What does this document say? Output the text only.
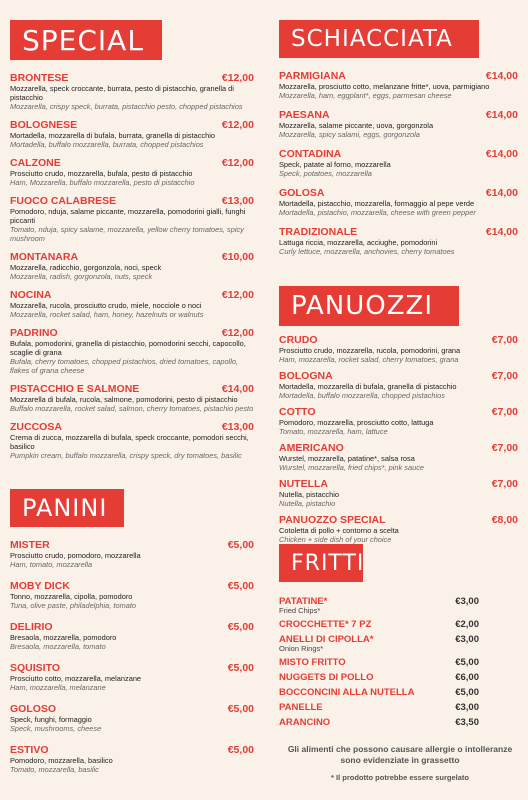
SPECIAL
BRONTESE	€12,00
Mozzarella, speck croccante, burrata, pesto di pistacchio, granella di pistacchio
Mozzarella, crispy speck, burrata, pistacchio pesto, chopped pistachios
BOLOGNESE	€12,00
Mortadella, mozzarella di bufala, burrata, granella di pistacchio
Mortadella, buffalo mozzarella, burrata, chopped pistachios
CALZONE	€12,00
Prosciutto crudo, mozzarella, bufala, pesto di pistacchio
Ham, Mozzarella, buffalo mozzarella, pesto di pistacchio
FUOCO CALABRESE	€13,00
Pomodoro, nduja, salame piccante, mozzarella, pomodorini gialli, funghi piccanti
Tomato, nduja, spicy salame, mozzarella, yellow cherry tomatoes, spicy mushroom
MONTANARA	€10,00
Mozzarella, radicchio, gorgonzola, noci, speck
Mozzarella, radish, gorgonzola, nuts, speck
NOCINA	€12,00
Mozzarella, rucola, prosciutto crudo, miele, nocciole o noci
Mozzarella, rocket salad, ham, honey, hazelnuts or walnuts
PADRINO	€12,00
Bufala, pomodorini, granella di pistacchio, pomodorini secchi, capocollo, scaglie di grana
Bufala, cherry tomatoes, chopped pistachios, dried tomatoes, capollo, flakes of grana cheese
PISTACCHIO E SALMONE	€14,00
Mozzarella di bufala, rucola, salmone, pomodorini, pesto di pistacchio
Buffalo mozzarella, rocket salad, salmon, cherry tomatoes, pistachio pesto
ZUCCOSA	€13,00
Crema di zucca, mozzarella di bufala, speck croccante, pomodori secchi, basilico
Pumpkin cream, buffalo mozzarella, crispy speck, dry tomatoes, basilic
PANINI
MISTER	€5,00
Prosciutto crudo, pomodoro, mozzarella
Ham, tomato, mozzarella
MOBY DICK	€5,00
Tonno, mozzarella, cipolla, pomodoro
Tuna, olive paste, philadelphia, tomato
DELIRIO	€5,00
Bresaola, mozzarella, pomodoro
Bresaola, mozzarella, tomato
SQUISITO	€5,00
Prosciutto cotto, mozzarella, melanzane
Ham, mozzarella, melanzane
GOLOSO	€5,00
Speck, funghi, formaggio
Speck, mushrooms, cheese
ESTIVO	€5,00
Pomodoro, mozzarella, basilico
Tomato, mozzarella, basilic
SCHIACCIATA
PARMIGIANA	€14,00
Mozzarella, prosciutto cotto, melanzane fritte*, uova, parmigiano
Mozzarella, ham, eggplant*, eggs, parmesan cheese
PAESANA	€14,00
Mozzarella, salame piccante, uova, gorgonzola
Mozzarella, spicy salami, eggs, gorgonzola
CONTADINA	€14,00
Speck, patate al forno, mozzarella
Speck, potatoes, mozzarella
GOLOSA	€14,00
Mortadella, pistacchio, mozzarella, formaggio al pepe verde
Mortadella, pistachio, mozzarella, cheese with green pepper
TRADIZIONALE	€14,00
Lattuga riccia, mozzarella, acciughe, pomodorini
Curly lettuce, mozzarella, anchovies, cherry tomatoes
PANUOZZI
CRUDO	€7,00
Prosciutto crudo, mozzarella, rucola, pomodorini, grana
Ham, mozzarella, rocket salad, cherry tomatoes, grana
BOLOGNA	€7,00
Mortadella, mozzarella di bufala, granella di pistacchio
Mortadella, buffalo mozzarella, chopped pistachios
COTTO	€7,00
Pomodoro, mozzarella, prosciutto cotto, lattuga
Tomato, mozzarella, ham, lattuce
AMERICANO	€7,00
Wurstel, mozzarella, patatine*, salsa rosa
Wurstel, mozzarella, fried chips*, pink sauce
NUTELLA	€7,00
Nutella, pistacchio
Nutella, pistachio
PANUOZZO SPECIAL	€8,00
Cotoletta di pollo + contorno a scelta
Chicken + side dish of your choice
FRITTI
PATATINE*	€3,00
Fried Chips*
CROCCHETTE* 7 PZ	€2,00
ANELLI DI CIPOLLA*	€3,00
Onion Rings*
MISTO FRITTO	€5,00
NUGGETS DI POLLO	€6,00
BOCCONCINI ALLA NUTELLA	€5,00
PANELLE	€3,00
ARANCINO	€3,50
Gli alimenti che possono causare allergie o intolleranze sono evidenziate in grassetto
* Il prodotto potrebbe essere surgelato
